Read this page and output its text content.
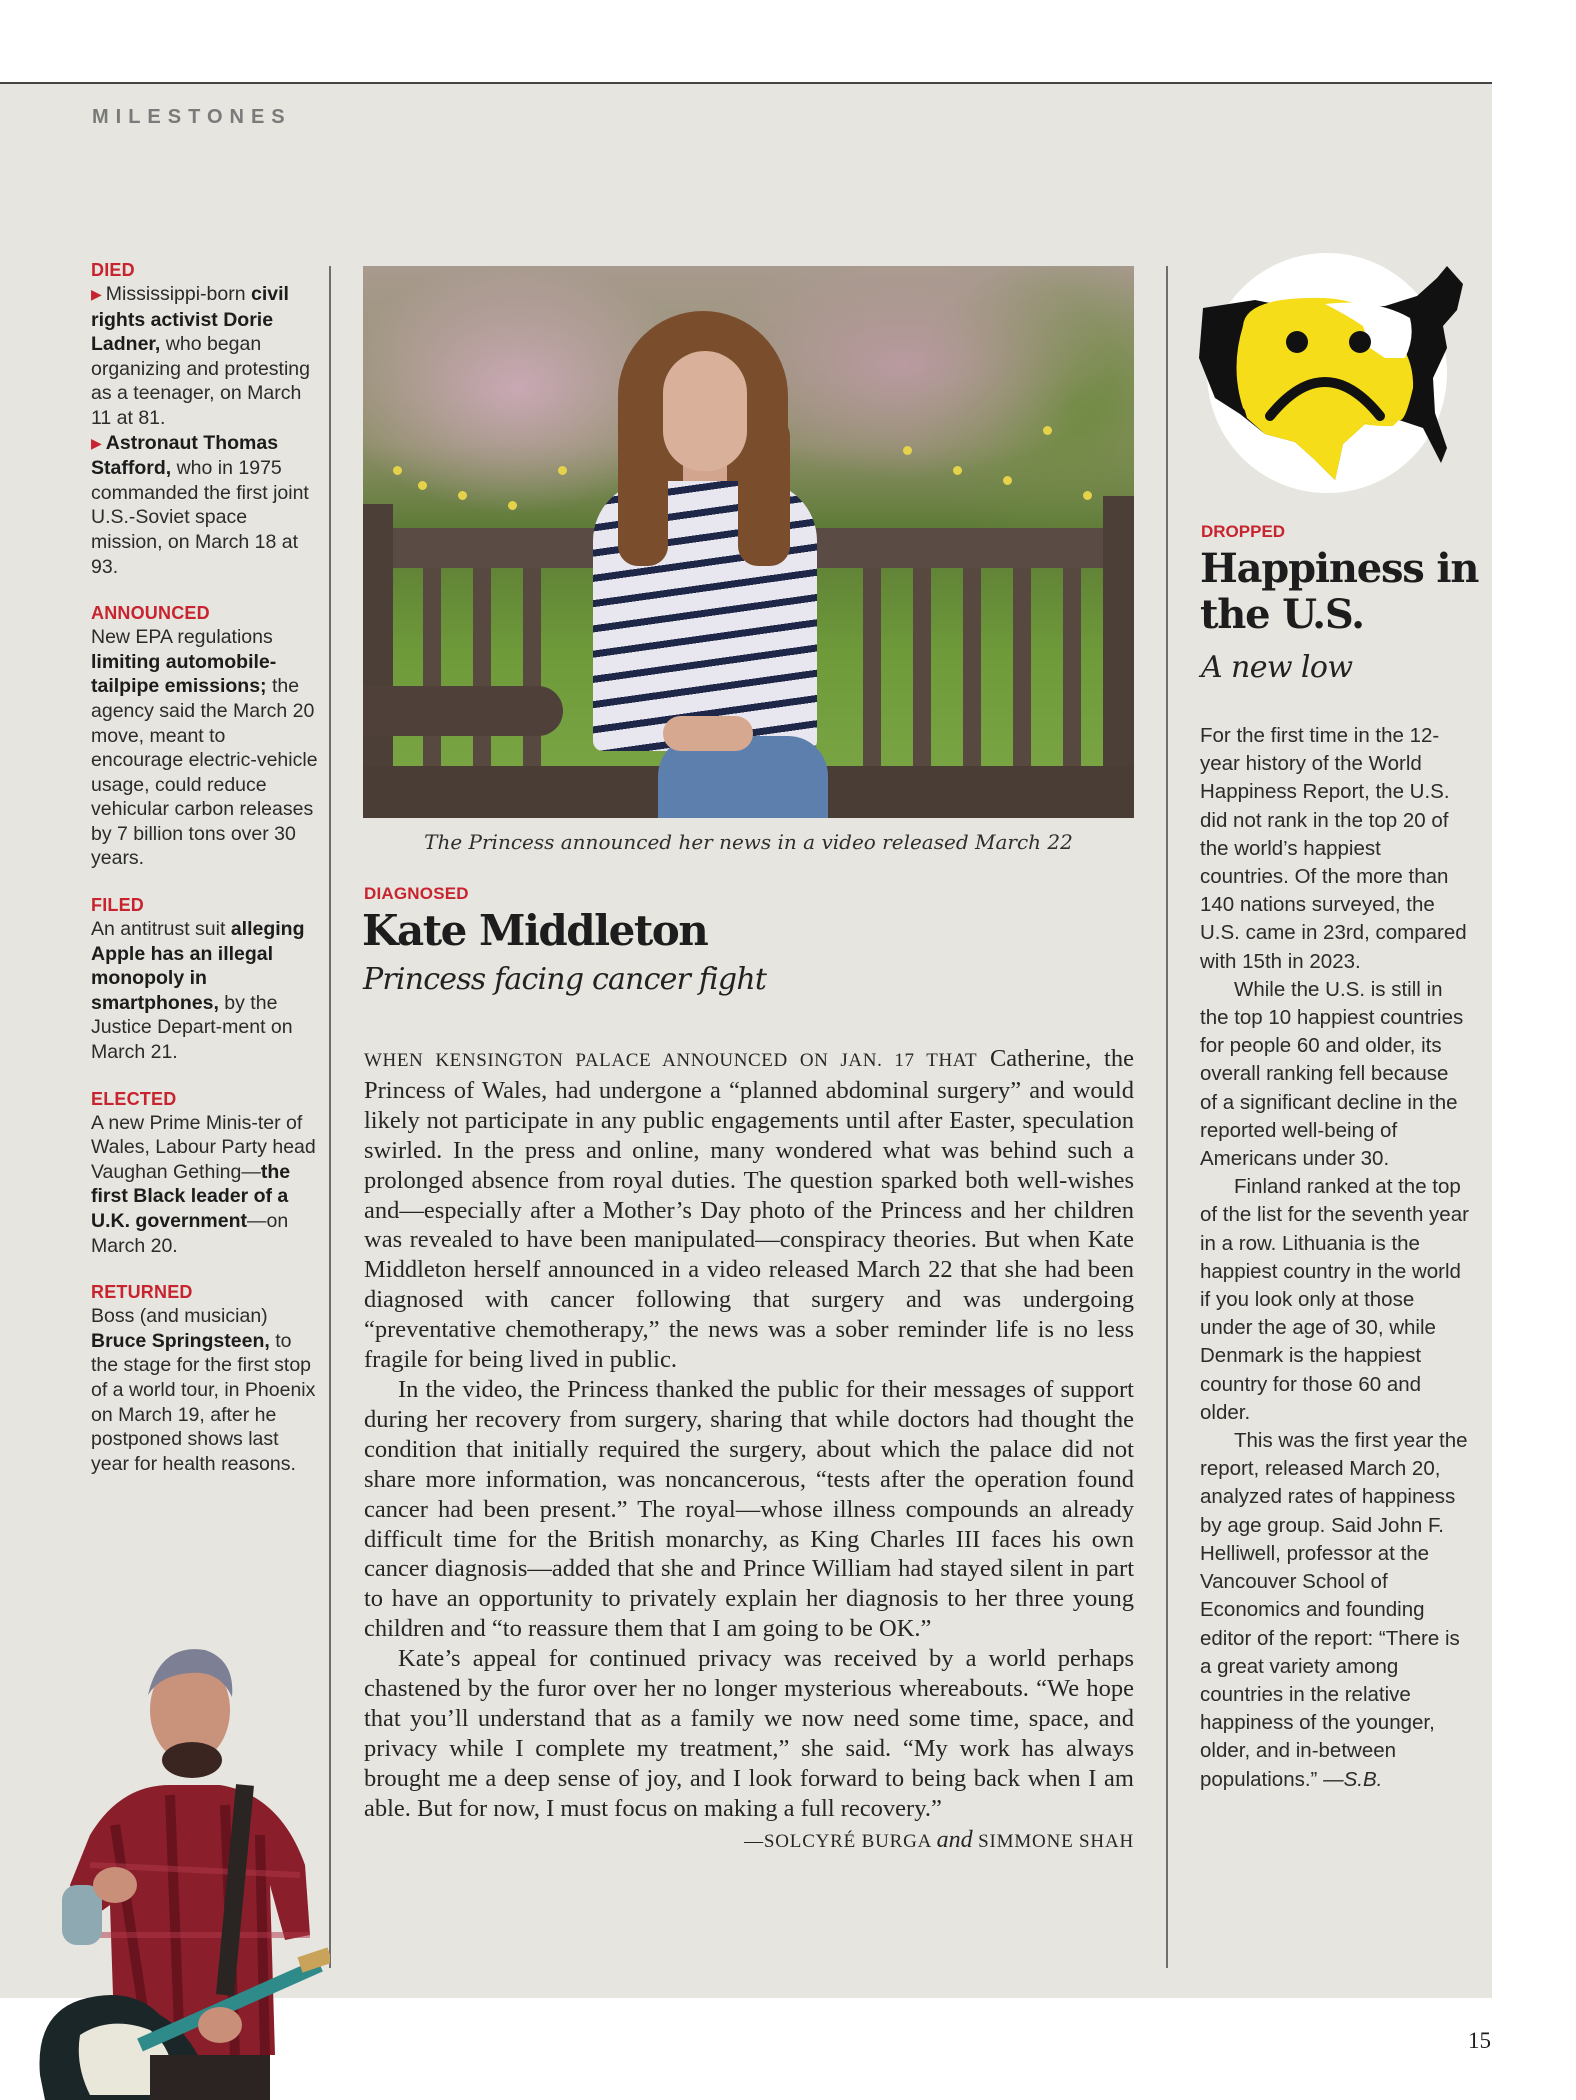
MILESTONES
DIED
▶ Mississippi-born civil rights activist Dorie Ladner, who began organizing and protesting as a teenager, on March 11 at 81.
▶ Astronaut Thomas Stafford, who in 1975 commanded the first joint U.S.-Soviet space mission, on March 18 at 93.
ANNOUNCED
New EPA regulations limiting automobile-tailpipe emissions; the agency said the March 20 move, meant to encourage electric-vehicle usage, could reduce vehicular carbon releases by 7 billion tons over 30 years.
FILED
An antitrust suit alleging Apple has an illegal monopoly in smartphones, by the Justice Depart-ment on March 21.
ELECTED
A new Prime Minis-ter of Wales, Labour Party head Vaughan Gething—the first Black leader of a U.K. government—on March 20.
RETURNED
Boss (and musician) Bruce Springsteen, to the stage for the first stop of a world tour, in Phoenix on March 19, after he postponed shows last year for health reasons.
The Princess announced her news in a video released March 22
DIAGNOSED
Kate Middleton
Princess facing cancer fight

WHEN KENSINGTON PALACE ANNOUNCED ON JAN. 17 THAT Catherine, the Princess of Wales, had undergone a “planned abdominal surgery” and would likely not participate in any public engagements until after Easter, speculation swirled. In the press and online, many wondered what was behind such a prolonged absence from royal duties. The question sparked both well-wishes and—especially after a Mother’s Day photo of the Princess and her children was revealed to have been manipulated—conspiracy theories. But when Kate Middleton herself announced in a video released March 22 that she had been diagnosed with cancer following that surgery and was undergoing “preventative chemotherapy,” the news was a sober reminder life is no less fragile for being lived in public.

In the video, the Princess thanked the public for their messages of support during her recovery from surgery, sharing that while doctors had thought the condition that initially required the surgery, about which the palace did not share more information, was noncancerous, “tests after the operation found cancer had been present.” The royal—whose illness compounds an already difficult time for the British monarchy, as King Charles III faces his own cancer diagnosis—added that she and Prince William had stayed silent in part to have an opportunity to privately explain her diagnosis to her three young children and “to reassure them that I am going to be OK.”

Kate’s appeal for continued privacy was received by a world perhaps chastened by the furor over her no longer mysterious whereabouts. “We hope that you’ll understand that as a family we now need some time, space, and privacy while I complete my treatment,” she said. “My work has always brought me a deep sense of joy, and I look forward to being back when I am able. But for now, I must focus on making a full recovery.”

—SOLCYRÉ BURGA and SIMMONE SHAH
DROPPED
Happiness in the U.S.
A new low

For the first time in the 12-year history of the World Happiness Report, the U.S. did not rank in the top 20 of the world’s happiest countries. Of the more than 140 nations surveyed, the U.S. came in 23rd, compared with 15th in 2023.

While the U.S. is still in the top 10 happiest countries for people 60 and older, its overall ranking fell because of a significant decline in the reported well-being of Americans under 30.

Finland ranked at the top of the list for the seventh year in a row. Lithuania is the happiest country in the world if you look only at those under the age of 30, while Denmark is the happiest country for those 60 and older.

This was the first year the report, released March 20, analyzed rates of happiness by age group. Said John F. Helliwell, professor at the Vancouver School of Economics and founding editor of the report: “There is a great variety among countries in the relative happiness of the younger, older, and in-between populations.” —S.B.

15
